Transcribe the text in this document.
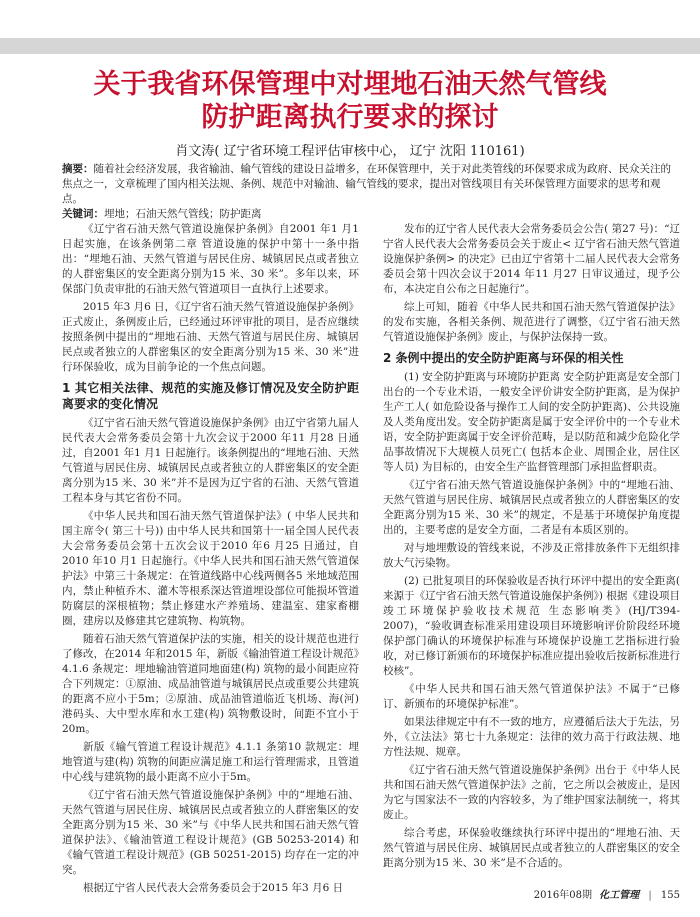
关于我省环保管理中对埋地石油天然气管线
防护距离执行要求的探讨
肖文涛( 辽宁省环境工程评估审核中心， 辽宁 沈阳 110161)
摘要：随着社会经济发展，我省输油、输气管线的建设日益增多，在环保管理中，关于对此类管线的环保要求成为政府、民众关注的焦点之一，文章梳理了国内相关法规、条例、规范中对输油、输气管线的要求，提出对管线项目有关环保管理方面要求的思考和观点。
关键词：埋地；石油天然气管线；防护距离

《辽宁省石油天然气管道设施保护条例》自2001 年1 月1 日起实施，在该条例第二章 管道设施的保护中第十一条中指出：“埋地石油、天然气管道与居民住房、城镇居民点或者独立的人群密集区的安全距离分别为15 米、30 米”。多年以来，环保部门负责审批的石油天然气管道项目一直执行上述要求。

2015 年3 月6 日，《辽宁省石油天然气管道设施保护条例》正式废止，条例废止后，已经通过环评审批的项目，是否应继续按照条例中提出的“埋地石油、天然气管道与居民住房、城镇居民点或者独立的人群密集区的安全距离分别为15 米、30 米”进行环保验收，成为目前争论的一个焦点问题。

1 其它相关法律、规范的实施及修订情况及安全防护距离要求的变化情况

《辽宁省石油天然气管道设施保护条例》由辽宁省第九届人民代表大会常务委员会第十九次会议于2000 年11 月28 日通过，自2001 年1 月1 日起施行。该条例提出的“埋地石油、天然气管道与居民住房、城镇居民点或者独立的人群密集区的安全距离分别为15 米、30 米”并不是因为辽宁省的石油、天然气管道工程本身与其它省份不同。

《中华人民共和国石油天然气管道保护法》( 中华人民共和国主席令( 第三十号)) 由中华人民共和国第十一届全国人民代表大会常务委员会第十五次会议于2010 年6 月25 日通过，自2010 年10 月1 日起施行。《中华人民共和国石油天然气管道保护法》中第三十条规定：在管道线路中心线两侧各5 米地域范围内，禁止种植乔木、灌木等根系深达管道埋设部位可能损坏管道防腐层的深根植物；禁止修建水产养殖场、建温室、建家畜棚圈，建房以及修建其它建筑物、构筑物。

随着石油天然气管道保护法的实施，相关的设计规范也进行了修改，在2014 年和2015 年，新版《输油管道工程设计规范》4.1.6 条规定：埋地输油管道同地面建(构) 筑物的最小间距应符合下列规定：①原油、成品油管道与城镇居民点或重要公共建筑的距离不应小于5m；②原油、成品油管道临近飞机场、海(河) 港码头、大中型水库和水工建(构) 筑物敷设时，间距不宜小于20m。

新版《输气管道工程设计规范》4.1.1 条第10 款规定：埋地管道与建(构) 筑物的间距应满足施工和运行管理需求，且管道中心线与建筑物的最小距离不应小于5m。

《辽宁省石油天然气管道设施保护条例》中的“埋地石油、天然气管道与居民住房、城镇居民点或者独立的人群密集区的安全距离分别为15 米、30 米”与《中华人民共和国石油天然气管道保护法》、《输油管道工程设计规范》(GB 50253-2014) 和《输气管道工程设计规范》(GB 50251-2015) 均存在一定的冲突。

根据辽宁省人民代表大会常务委员会于2015 年3 月6 日

发布的辽宁省人民代表大会常务委员会公告( 第27 号)：“辽宁省人民代表大会常务委员会关于废止< 辽宁省石油天然气管道设施保护条例> 的决定》已由辽宁省第十二届人民代表大会常务委员会第十四次会议于2014 年11 月27 日审议通过，现予公布，本决定自公布之日起施行”。

综上可知，随着《中华人民共和国石油天然气管道保护法》的发布实施，各相关条例、规范进行了调整，《辽宁省石油天然气管道设施保护条例》废止，与保护法保持一致。

2 条例中提出的安全防护距离与环保的相关性

(1) 安全防护距离与环境防护距离 安全防护距离是安全部门出台的一个专业术语，一般安全评价讲安全防护距离，是为保护生产工人( 如危险设备与操作工人间的安全防护距离)、公共设施及人类角度出发。安全防护距离是属于安全评价中的一个专业术语，安全防护距离属于安全评价范畴，是以防范和减少危险化学品事故情况下大规模人员死亡( 包括本企业、周围企业，居住区等人员) 为目标的，由安全生产监督管理部门承担监督职责。

《辽宁省石油天然气管道设施保护条例》中的“埋地石油、天然气管道与居民住房、城镇居民点或者独立的人群密集区的安全距离分别为15 米、30 米”的规定，不是基于环境保护角度提出的，主要考虑的是安全方面，二者是有本质区别的。

对与地埋敷设的管线来说，不涉及正常排放条件下无组织排放大气污染物。

(2) 已批复项目的环保验收是否执行环评中提出的安全距离( 来源于《辽宁省石油天然气管道设施保护条例》) 根据《建设项目竣工环境保护验收技术规范 生态影响类》(HJ/T394-2007)，“验收调查标准采用建设项目环境影响评价阶段经环境保护部门确认的环境保护标准与环境保护设施工艺指标进行验收，对已修订新颁布的环境保护标准应提出验收后按新标准进行校核”。

《中华人民共和国石油天然气管道保护法》不属于“已修订、新颁布的环境保护标准”。

如果法律规定中有不一致的地方，应遵循后法大于先法，另外，《立法法》第七十九条规定：法律的效力高于行政法规、地方性法规、规章。

《辽宁省石油天然气管道设施保护条例》出台于《中华人民共和国石油天然气管道保护法》之前，它之所以会被废止，是因为它与国家法不一致的内容较多，为了维护国家法制统一，将其废止。

综合考虑，环保验收继续执行环评中提出的“埋地石油、天然气管道与居民住房、城镇居民点或者独立的人群密集区的安全距离分别为15 米、30 米”是不合适的。

2016年08期 化工管理 | 155
